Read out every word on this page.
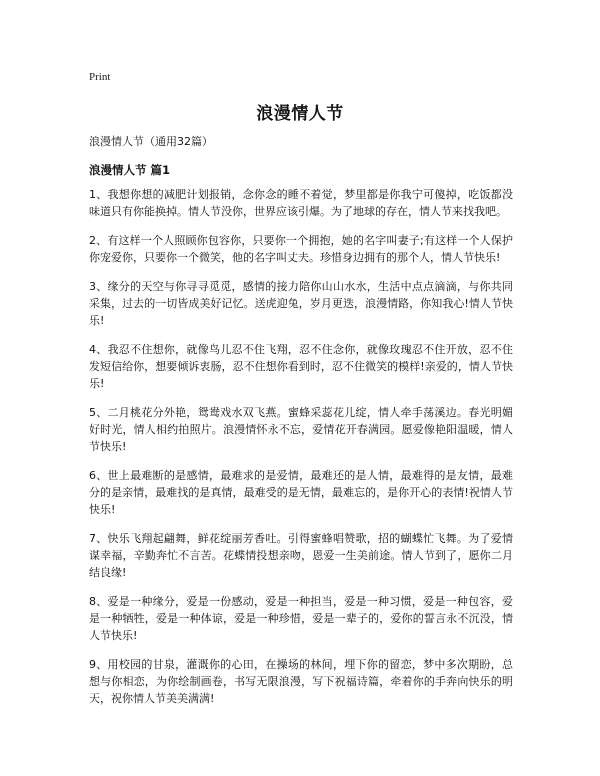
Print
浪漫情人节

浪漫情人节（通用32篇）

浪漫情人节 篇1

1、我想你想的减肥计划报销，念你念的睡不着觉，梦里都是你我宁可傻掉，吃饭都没味道只有你能换掉。情人节没你，世界应该引爆。为了地球的存在，情人节来找我吧。

2、有这样一个人照顾你包容你，只要你一个拥抱，她的名字叫妻子;有这样一个人保护你宠爱你，只要你一个微笑，他的名字叫丈夫。珍惜身边拥有的那个人，情人节快乐!

3、缘分的天空与你寻寻觅觅，感情的接力陪你山山水水，生活中点点滴滴，与你共同采集，过去的一切皆成美好记忆。送虎迎兔，岁月更迭，浪漫情路，你知我心!情人节快乐!

4、我忍不住想你，就像鸟儿忍不住飞翔，忍不住念你，就像玫瑰忍不住开放，忍不住发短信给你，想要倾诉衷肠，忍不住想你看到时，忍不住微笑的模样!亲爱的，情人节快乐!

5、二月桃花分外艳，鸳鸯戏水双飞燕。蜜蜂采蕊花儿绽，情人牵手荡溪边。春光明媚好时光，情人相约拍照片。浪漫情怀永不忘，爱情花开春满园。愿爱像艳阳温暖，情人节快乐!

6、世上最难断的是感情，最难求的是爱情，最难还的是人情，最难得的是友情，最难分的是亲情，最难找的是真情，最难受的是无情，最难忘的，是你开心的表情!祝情人节快乐!

7、快乐飞翔起翩舞，鲜花绽丽芳香吐。引得蜜蜂唱赞歌，招的蝴蝶忙飞舞。为了爱情谋幸福，辛勤奔忙不言苦。花蝶情投想亲吻，恩爱一生美前途。情人节到了，愿你二月结良缘!

8、爱是一种缘分，爱是一份感动，爱是一种担当，爱是一种习惯，爱是一种包容，爱是一种牺牲，爱是一种体谅，爱是一种珍惜，爱是一辈子的，爱你的誓言永不沉没，情人节快乐!

9、用校园的甘泉，灌溉你的心田，在操场的林间，埋下你的留恋，梦中多次期盼，总想与你相恋，为你绘制画卷，书写无限浪漫，写下祝福诗篇，牵着你的手奔向快乐的明天，祝你情人节美美满满!
